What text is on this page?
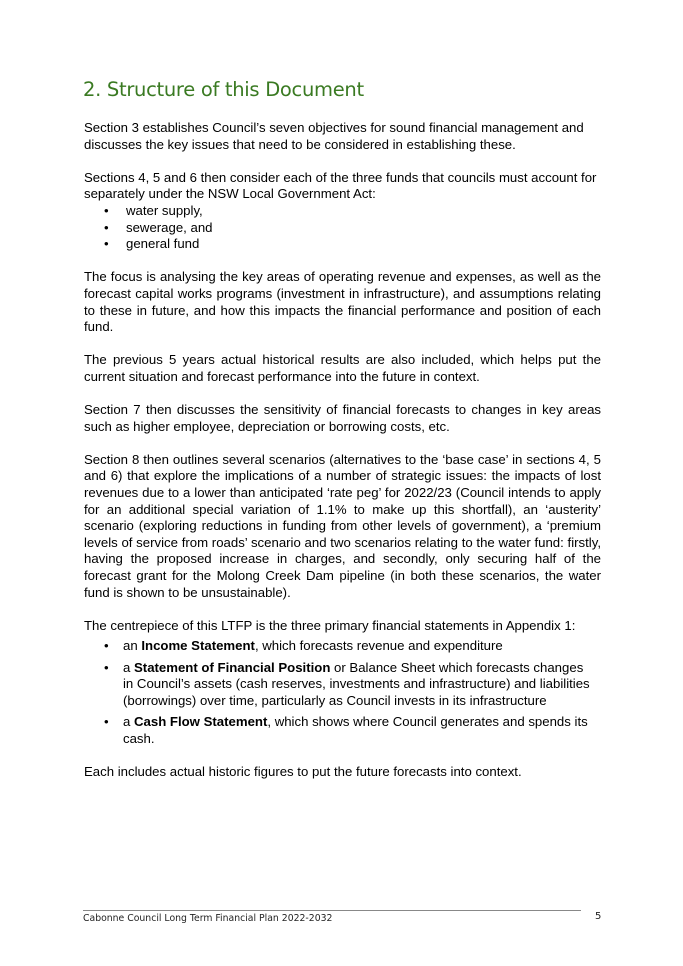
2. Structure of this Document

Section 3 establishes Council’s seven objectives for sound financial management and discusses the key issues that need to be considered in establishing these.

Sections 4, 5 and 6 then consider each of the three funds that councils must account for separately under the NSW Local Government Act:

• water supply,
• sewerage, and
• general fund

The focus is analysing the key areas of operating revenue and expenses, as well as the forecast capital works programs (investment in infrastructure), and assumptions relating to these in future, and how this impacts the financial performance and position of each fund.

The previous 5 years actual historical results are also included, which helps put the current situation and forecast performance into the future in context.

Section 7 then discusses the sensitivity of financial forecasts to changes in key areas such as higher employee, depreciation or borrowing costs, etc.

Section 8 then outlines several scenarios (alternatives to the ‘base case’ in sections 4, 5 and 6) that explore the implications of a number of strategic issues: the impacts of lost revenues due to a lower than anticipated ‘rate peg’ for 2022/23 (Council intends to apply for an additional special variation of 1.1% to make up this shortfall), an ‘austerity’ scenario (exploring reductions in funding from other levels of government), a ‘premium levels of service from roads’ scenario and two scenarios relating to the water fund: firstly, having the proposed increase in charges, and secondly, only securing half of the forecast grant for the Molong Creek Dam pipeline (in both these scenarios, the water fund is shown to be unsustainable).

The centrepiece of this LTFP is the three primary financial statements in Appendix 1:

• an Income Statement, which forecasts revenue and expenditure
• a Statement of Financial Position or Balance Sheet which forecasts changes in Council’s assets (cash reserves, investments and infrastructure) and liabilities (borrowings) over time, particularly as Council invests in its infrastructure
• a Cash Flow Statement, which shows where Council generates and spends its cash.

Each includes actual historic figures to put the future forecasts into context.

Cabonne Council Long Term Financial Plan 2022-2032	5
